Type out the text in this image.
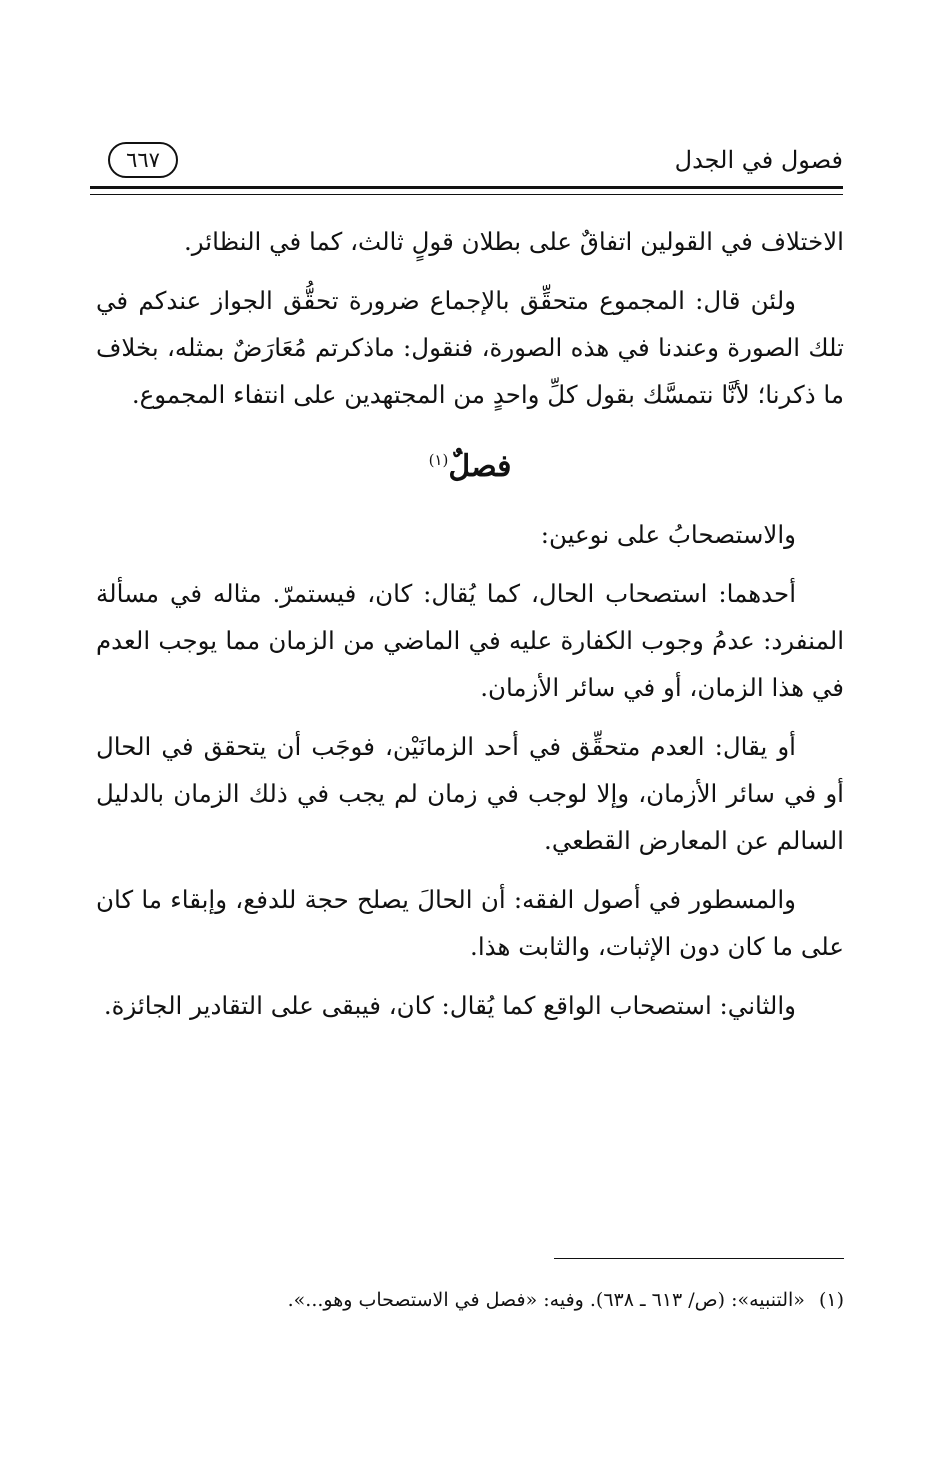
فصول في الجدل
٦٦٧

الاختلاف في القولين اتفاقٌ على بطلان قولٍ ثالث، كما في النظائر.

ولئن قال: المجموع متحقِّق بالإجماع ضرورة تحقُّق الجواز عندكم في تلك الصورة وعندنا في هذه الصورة، فنقول: ماذكرتم مُعَارَضٌ بمثله، بخلاف ما ذكرنا؛ لأنَّا نتمسَّك بقول كلِّ واحدٍ من المجتهدين على انتفاء المجموع.

فصلٌ$^{(١)}$

والاستصحابُ على نوعين:

أحدهما: استصحاب الحال، كما يُقال: كان، فيستمرّ. مثاله في مسألة المنفرد: عدمُ وجوب الكفارة عليه في الماضي من الزمان مما يوجب العدم في هذا الزمان، أو في سائر الأزمان.

أو يقال: العدم متحقِّق في أحد الزمانَيْن، فوجَب أن يتحقق في الحال أو في سائر الأزمان، وإلا لوجب في زمان لم يجب في ذلك الزمان بالدليل السالم عن المعارض القطعي.

والمسطور في أصول الفقه: أن الحالَ يصلح حجة للدفع، وإبقاء ما كان على ما كان دون الإثبات، والثابت هذا.

والثاني: استصحاب الواقع كما يُقال: كان، فيبقى على التقادير الجائزة.

(١)«التنبيه»: (ص/ ٦١٣ ـ ٦٣٨). وفيه: «فصل في الاستصحاب وهو...».
